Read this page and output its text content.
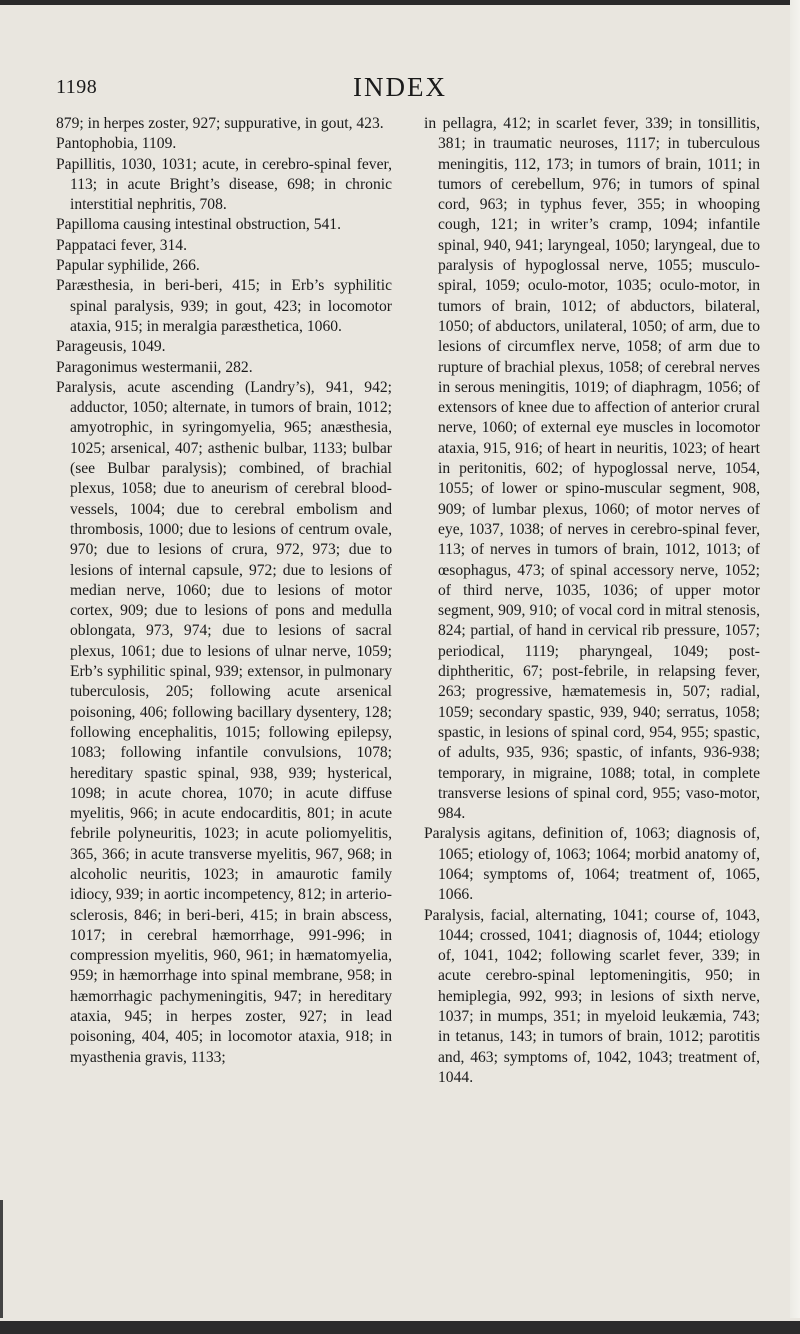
1198	INDEX

879; in herpes zoster, 927; suppurative, in gout, 423.

Pantophobia, 1109.

Papillitis, 1030, 1031; acute, in cerebro-spinal fever, 113; in acute Bright’s disease, 698; in chronic interstitial nephritis, 708.

Papilloma causing intestinal obstruction, 541.

Pappataci fever, 314.

Papular syphilide, 266.

Paræsthesia, in beri-beri, 415; in Erb’s syphilitic spinal paralysis, 939; in gout, 423; in locomotor ataxia, 915; in meralgia paræsthetica, 1060.

Parageusis, 1049.

Paragonimus westermanii, 282.

Paralysis, acute ascending (Landry’s), 941, 942; adductor, 1050; alternate, in tumors of brain, 1012; amyotrophic, in syringomyelia, 965; anæsthesia, 1025; arsenical, 407; asthenic bulbar, 1133; bulbar (see Bulbar paralysis); combined, of brachial plexus, 1058; due to aneurism of cerebral blood-vessels, 1004; due to cerebral embolism and thrombosis, 1000; due to lesions of centrum ovale, 970; due to lesions of crura, 972, 973; due to lesions of internal capsule, 972; due to lesions of median nerve, 1060; due to lesions of motor cortex, 909; due to lesions of pons and medulla oblongata, 973, 974; due to lesions of sacral plexus, 1061; due to lesions of ulnar nerve, 1059; Erb’s syphilitic spinal, 939; extensor, in pulmonary tuberculosis, 205; following acute arsenical poisoning, 406; following bacillary dysentery, 128; following encephalitis, 1015; following epilepsy, 1083; following infantile convulsions, 1078; hereditary spastic spinal, 938, 939; hysterical, 1098; in acute chorea, 1070; in acute diffuse myelitis, 966; in acute endocarditis, 801; in acute febrile polyneuritis, 1023; in acute poliomyelitis, 365, 366; in acute transverse myelitis, 967, 968; in alcoholic neuritis, 1023; in amaurotic family idiocy, 939; in aortic incompetency, 812; in arterio-sclerosis, 846; in beri-beri, 415; in brain abscess, 1017; in cerebral hæmorrhage, 991-996; in compression myelitis, 960, 961; in hæmatomyelia, 959; in hæmorrhage into spinal membrane, 958; in hæmorrhagic pachymeningitis, 947; in hereditary ataxia, 945; in herpes zoster, 927; in lead poisoning, 404, 405; in locomotor ataxia, 918; in myasthenia gravis, 1133;

in pellagra, 412; in scarlet fever, 339; in tonsillitis, 381; in traumatic neuroses, 1117; in tuberculous meningitis, 112, 173; in tumors of brain, 1011; in tumors of cerebellum, 976; in tumors of spinal cord, 963; in typhus fever, 355; in whooping cough, 121; in writer’s cramp, 1094; infantile spinal, 940, 941; laryngeal, 1050; laryngeal, due to paralysis of hypoglossal nerve, 1055; musculo-spiral, 1059; oculo-motor, 1035; oculo-motor, in tumors of brain, 1012; of abductors, bilateral, 1050; of abductors, unilateral, 1050; of arm, due to lesions of circumflex nerve, 1058; of arm due to rupture of brachial plexus, 1058; of cerebral nerves in serous meningitis, 1019; of diaphragm, 1056; of extensors of knee due to affection of anterior crural nerve, 1060; of external eye muscles in locomotor ataxia, 915, 916; of heart in neuritis, 1023; of heart in peritonitis, 602; of hypoglossal nerve, 1054, 1055; of lower or spino-muscular segment, 908, 909; of lumbar plexus, 1060; of motor nerves of eye, 1037, 1038; of nerves in cerebro-spinal fever, 113; of nerves in tumors of brain, 1012, 1013; of œsophagus, 473; of spinal accessory nerve, 1052; of third nerve, 1035, 1036; of upper motor segment, 909, 910; of vocal cord in mitral stenosis, 824; partial, of hand in cervical rib pressure, 1057; periodical, 1119; pharyngeal, 1049; post-diphtheritic, 67; post-febrile, in relapsing fever, 263; progressive, hæmatemesis in, 507; radial, 1059; secondary spastic, 939, 940; serratus, 1058; spastic, in lesions of spinal cord, 954, 955; spastic, of adults, 935, 936; spastic, of infants, 936-938; temporary, in migraine, 1088; total, in complete transverse lesions of spinal cord, 955; vaso-motor, 984.

Paralysis agitans, definition of, 1063; diagnosis of, 1065; etiology of, 1063; 1064; morbid anatomy of, 1064; symptoms of, 1064; treatment of, 1065, 1066.

Paralysis, facial, alternating, 1041; course of, 1043, 1044; crossed, 1041; diagnosis of, 1044; etiology of, 1041, 1042; following scarlet fever, 339; in acute cerebro-spinal leptomeningitis, 950; in hemiplegia, 992, 993; in lesions of sixth nerve, 1037; in mumps, 351; in myeloid leukæmia, 743; in tetanus, 143; in tumors of brain, 1012; parotitis and, 463; symptoms of, 1042, 1043; treatment of, 1044.
